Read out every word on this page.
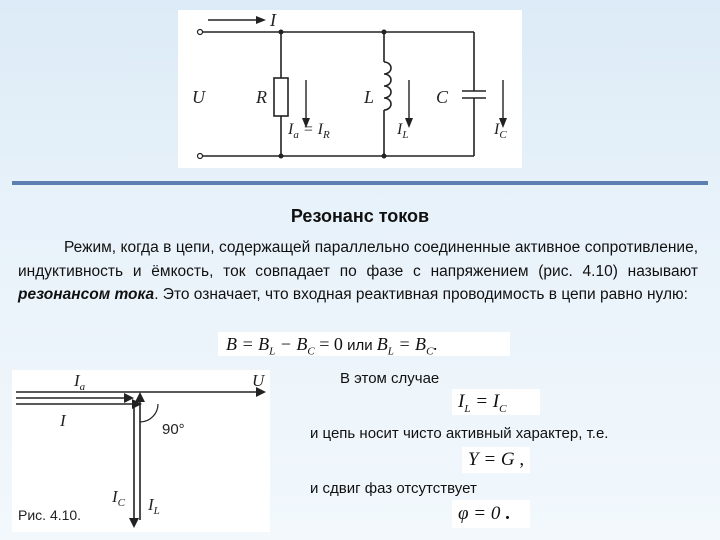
I
U	R	L	C
$I_a = I_R$	$I_L$	$I_C$
Резонанс токов
Режим, когда в цепи, содержащей параллельно соединенные активное сопротивление, индуктивность и ёмкость, ток совпадает по фазе с напряжением (рис. 4.10) называют резонансом тока. Это означает, что входная реактивная проводимость в цепи равно нулю:
$B = B_L - B_C = 0$ или $B_L = B_C$.
$I_a$	U
I
$I_C$ $I_L$
90°
Рис. 4.10.
В этом случае
$I_L = I_C$
и цепь носит чисто активный характер, т.е.
Y = G ,
и сдвиг фаз отсутствует
φ = 0 .
